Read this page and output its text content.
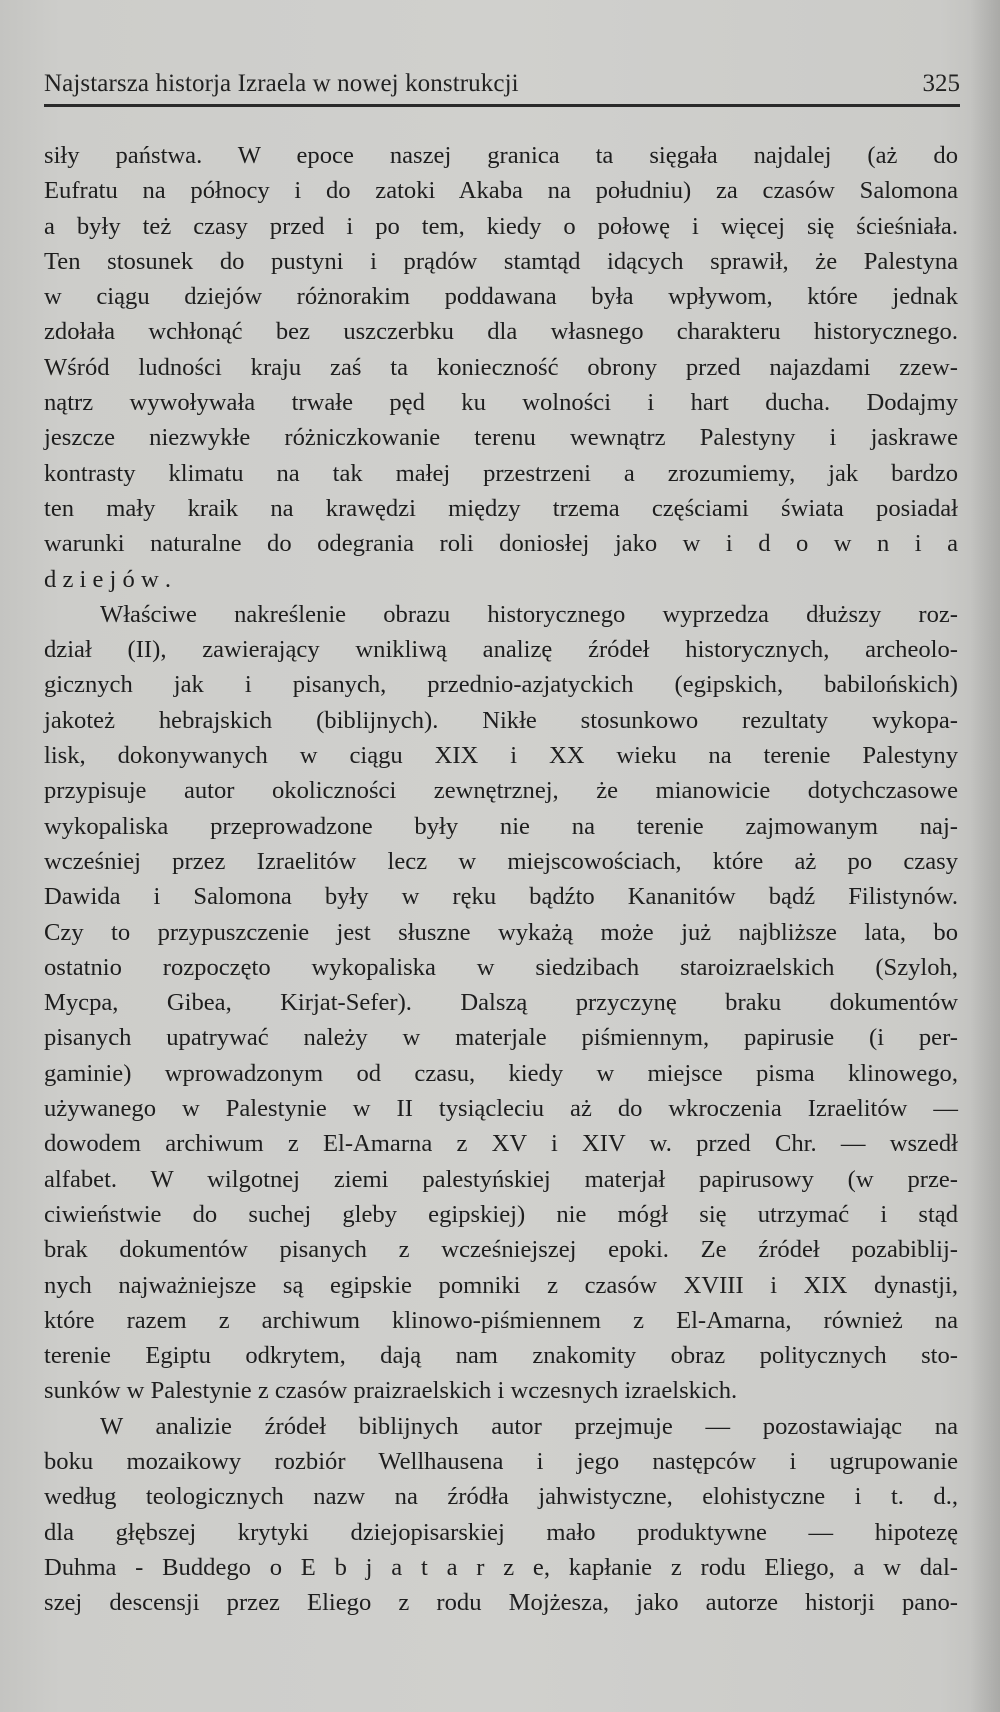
Najstarsza historja Izraela w nowej konstrukcji	325
siły państwa. W epoce naszej granica ta sięgała najdalej (aż do
Eufratu na północy i do zatoki Akaba na południu) za czasów Salomona
a były też czasy przed i po tem, kiedy o połowę i więcej się ścieśniała.
Ten stosunek do pustyni i prądów stamtąd idących sprawił, że Palestyna
w ciągu dziejów różnorakim poddawana była wpływom, które jednak
zdołała wchłonąć bez uszczerbku dla własnego charakteru historycznego.
Wśród ludności kraju zaś ta konieczność obrony przed najazdami zzew-
nątrz wywoływała trwałe pęd ku wolności i hart ducha. Dodajmy
jeszcze niezwykłe różniczkowanie terenu wewnątrz Palestyny i jaskrawe
kontrasty klimatu na tak małej przestrzeni a zrozumiemy, jak bardzo
ten mały kraik na krawędzi między trzema częściami świata posiadał
warunki naturalne do odegrania roli doniosłej jako w i d o w n i a
d z i e j ó w .
Właściwe nakreślenie obrazu historycznego wyprzedza dłuższy roz-
dział (II), zawierający wnikliwą analizę źródeł historycznych, archeolo-
gicznych jak i pisanych, przednio-azjatyckich (egipskich, babilońskich)
jakoteż hebrajskich (biblijnych). Nikłe stosunkowo rezultaty wykopa-
lisk, dokonywanych w ciągu XIX i XX wieku na terenie Palestyny
przypisuje autor okoliczności zewnętrznej, że mianowicie dotychczasowe
wykopaliska przeprowadzone były nie na terenie zajmowanym naj-
wcześniej przez Izraelitów lecz w miejscowościach, które aż po czasy
Dawida i Salomona były w ręku bądźto Kananitów bądź Filistynów.
Czy to przypuszczenie jest słuszne wykażą może już najbliższe lata, bo
ostatnio rozpoczęto wykopaliska w siedzibach staroizraelskich (Szyloh,
Mycpa, Gibea, Kirjat-Sefer). Dalszą przyczynę braku dokumentów
pisanych upatrywać należy w materjale piśmiennym, papirusie (i per-
gaminie) wprowadzonym od czasu, kiedy w miejsce pisma klinowego,
używanego w Palestynie w II tysiącleciu aż do wkroczenia Izraelitów —
dowodem archiwum z El-Amarna z XV i XIV w. przed Chr. — wszedł
alfabet. W wilgotnej ziemi palestyńskiej materjał papirusowy (w prze-
ciwieństwie do suchej gleby egipskiej) nie mógł się utrzymać i stąd
brak dokumentów pisanych z wcześniejszej epoki. Ze źródeł pozabiblij-
nych najważniejsze są egipskie pomniki z czasów XVIII i XIX dynastji,
które razem z archiwum klinowo-piśmiennem z El-Amarna, również na
terenie Egiptu odkrytem, dają nam znakomity obraz politycznych sto-
sunków w Palestynie z czasów praizraelskich i wczesnych izraelskich.
W analizie źródeł biblijnych autor przejmuje — pozostawiając na
boku mozaikowy rozbiór Wellhausena i jego następców i ugrupowanie
według teologicznych nazw na źródła jahwistyczne, elohistyczne i t. d.,
dla głębszej krytyki dziejopisarskiej mało produktywne — hipotezę
Duhma - Buddego o E b j a t a r z e, kapłanie z rodu Eliego, a w dal-
szej descensji przez Eliego z rodu Mojżesza, jako autorze historji pano-
